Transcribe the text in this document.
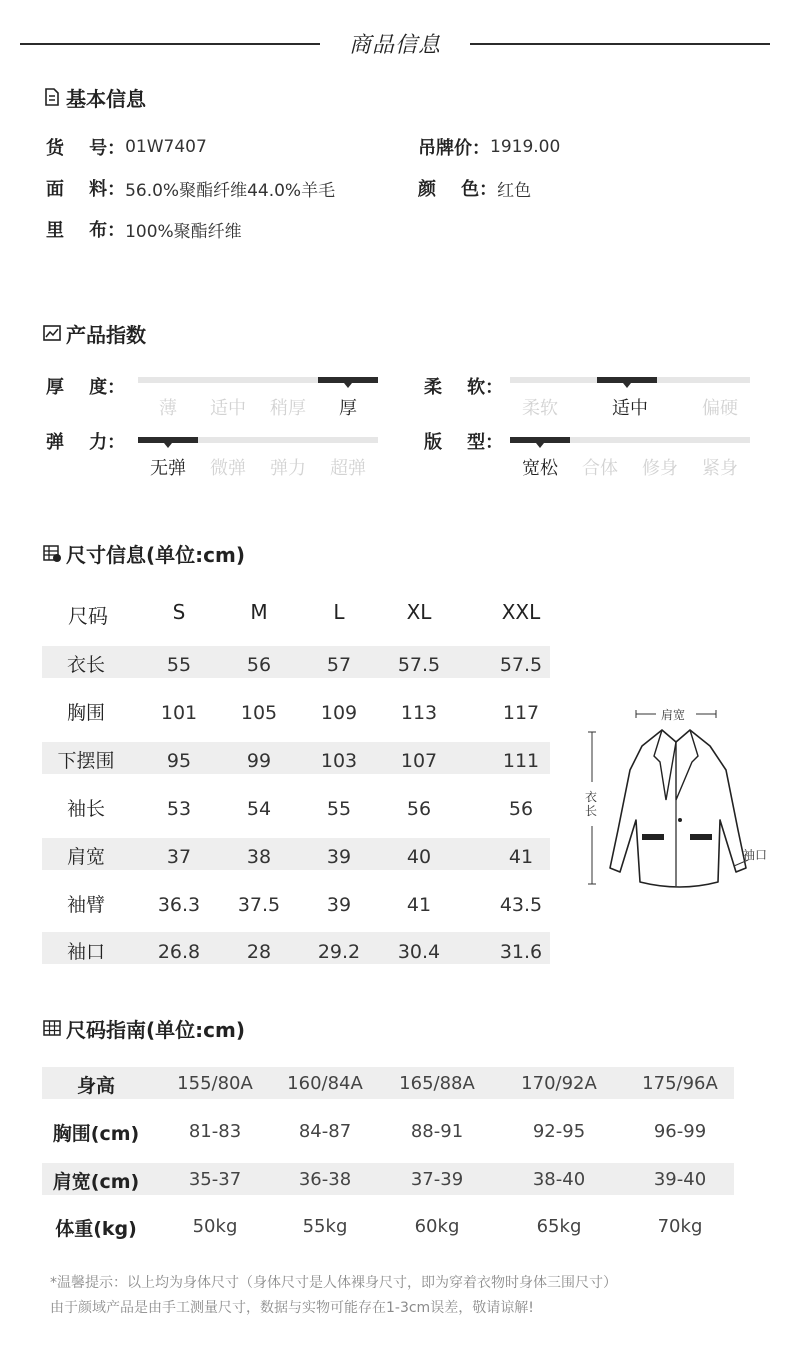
商品信息
基本信息
货    号： 01W7407
面    料： 56.0%聚酯纤维44.0%羊毛
里    布： 100%聚酯纤维
吊牌价： 1919.00
颜    色： 红色
产品指数
厚    度：
薄	适中	稍厚	厚
柔    软：
柔软	适中	偏硬
弹    力：
无弹	微弹	弹力	超弹
版    型：
宽松	合体	修身	紧身
尺寸信息(单位:cm)
尺码	S	M	L	XL	XXL
衣长	55	56	57	57.5	57.5
胸围	101	105	109	113	117
下摆围	95	99	103	107	111
袖长	53	54	55	56	56
肩宽	37	38	39	40	41
袖臂	36.3	37.5	39	41	43.5
袖口	26.8	28	29.2	30.4	31.6
肩宽
衣长
袖口
尺码指南(单位:cm)
身高	155/80A	160/84A	165/88A	170/92A	175/96A
胸围(cm)	81-83	84-87	88-91	92-95	96-99
肩宽(cm)	35-37	36-38	37-39	38-40	39-40
体重(kg)	50kg	55kg	60kg	65kg	70kg
*温馨提示：以上均为身体尺寸（身体尺寸是人体裸身尺寸，即为穿着衣物时身体三围尺寸）
由于颜域产品是由手工测量尺寸，数据与实物可能存在1-3cm误差，敬请谅解!
